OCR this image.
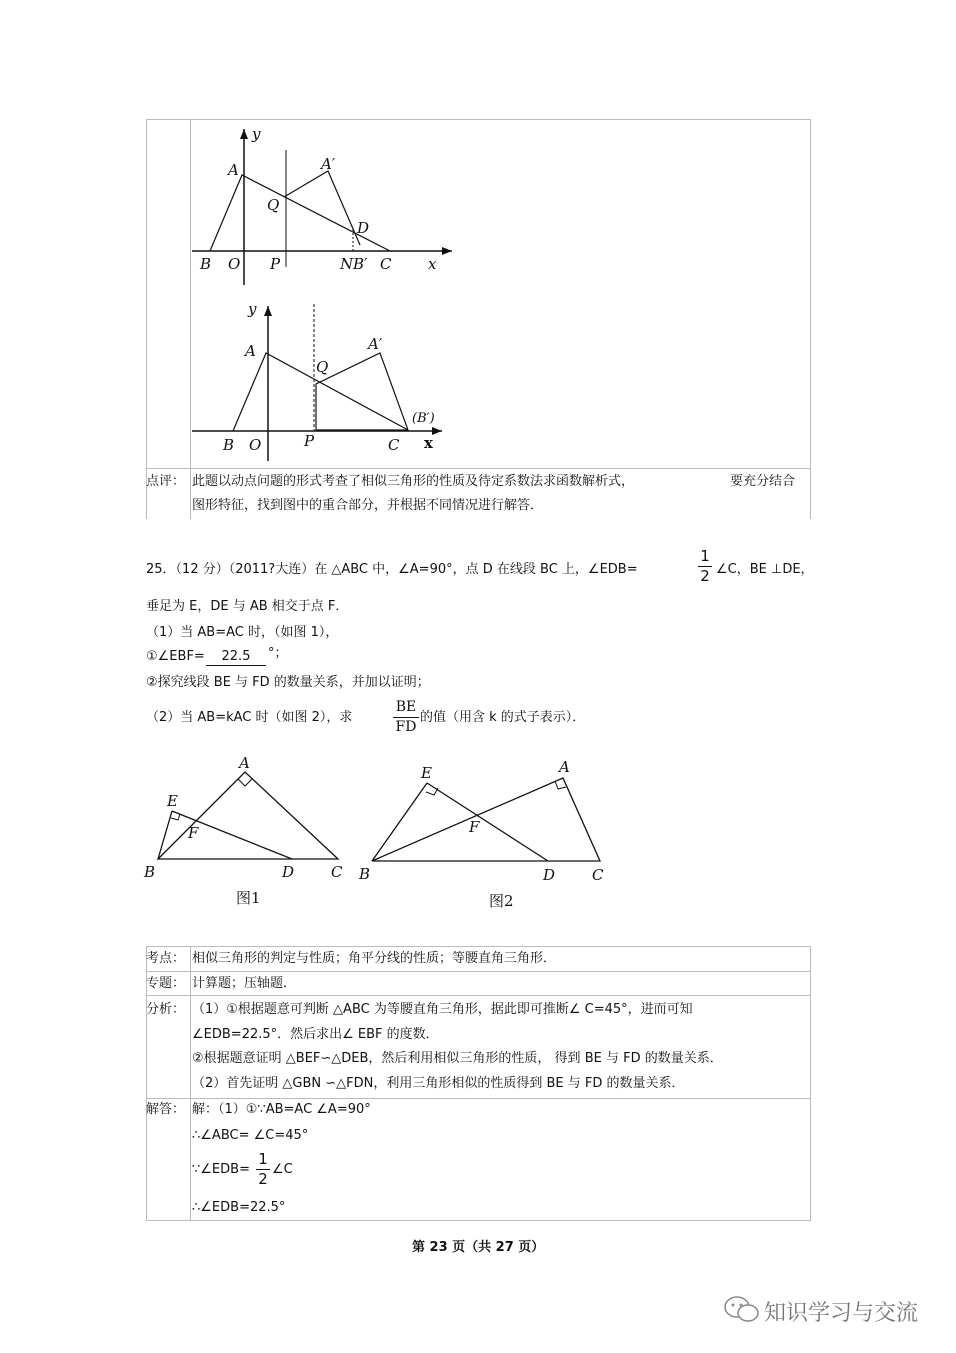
y
A	A′
Q
D
B O P	N B′ C x
y
A	A′
Q
(B′)
B O	P	C x
点评： 此题以动点问题的形式考查了相似三角形的性质及待定系数法求函数解析式，	要充分结合
图形特征，找到图中的重合部分，并根据不同情况进行解答．
25．（12 分）（2011?大连）在 △ABC 中，∠A=90°，点 D 在线段 BC 上，∠EDB=
1
2 ∠C，BE ⊥DE，
垂足为 E，DE 与 AB 相交于点 F．
（1）当 AB=AC 时，（如图 1），
①∠EBF=	22.5	°；
②探究线段 BE 与 FD 的数量关系，并加以证明；
（2）当 AB=kAC 时（如图 2），求
BE
FD
的值（用含 k 的式子表示）．
A
E
F
B	D C
图1
E	A
F
B	D C
图2
考点： 相似三角形的判定与性质；角平分线的性质；等腰直角三角形．
专题： 计算题；压轴题．
分析： （1）①根据题意可判断 △ABC 为等腰直角三角形，据此即可推断∠ C=45°，进而可知
∠EDB=22.5°．然后求出∠ EBF 的度数．
②根据题意证明 △BEF∽△DEB，然后利用相似三角形的性质， 得到 BE 与 FD 的数量关系．
（2）首先证明 △GBN ∽△FDN，利用三角形相似的性质得到 BE 与 FD 的数量关系．
解答： 解：（1）①∵AB=AC ∠A=90°
∴∠ABC= ∠C=45°
∵∠EDB=
1
2
∠C
∴∠EDB=22.5°
第 23 页（共 27 页）
知识学习与交流
